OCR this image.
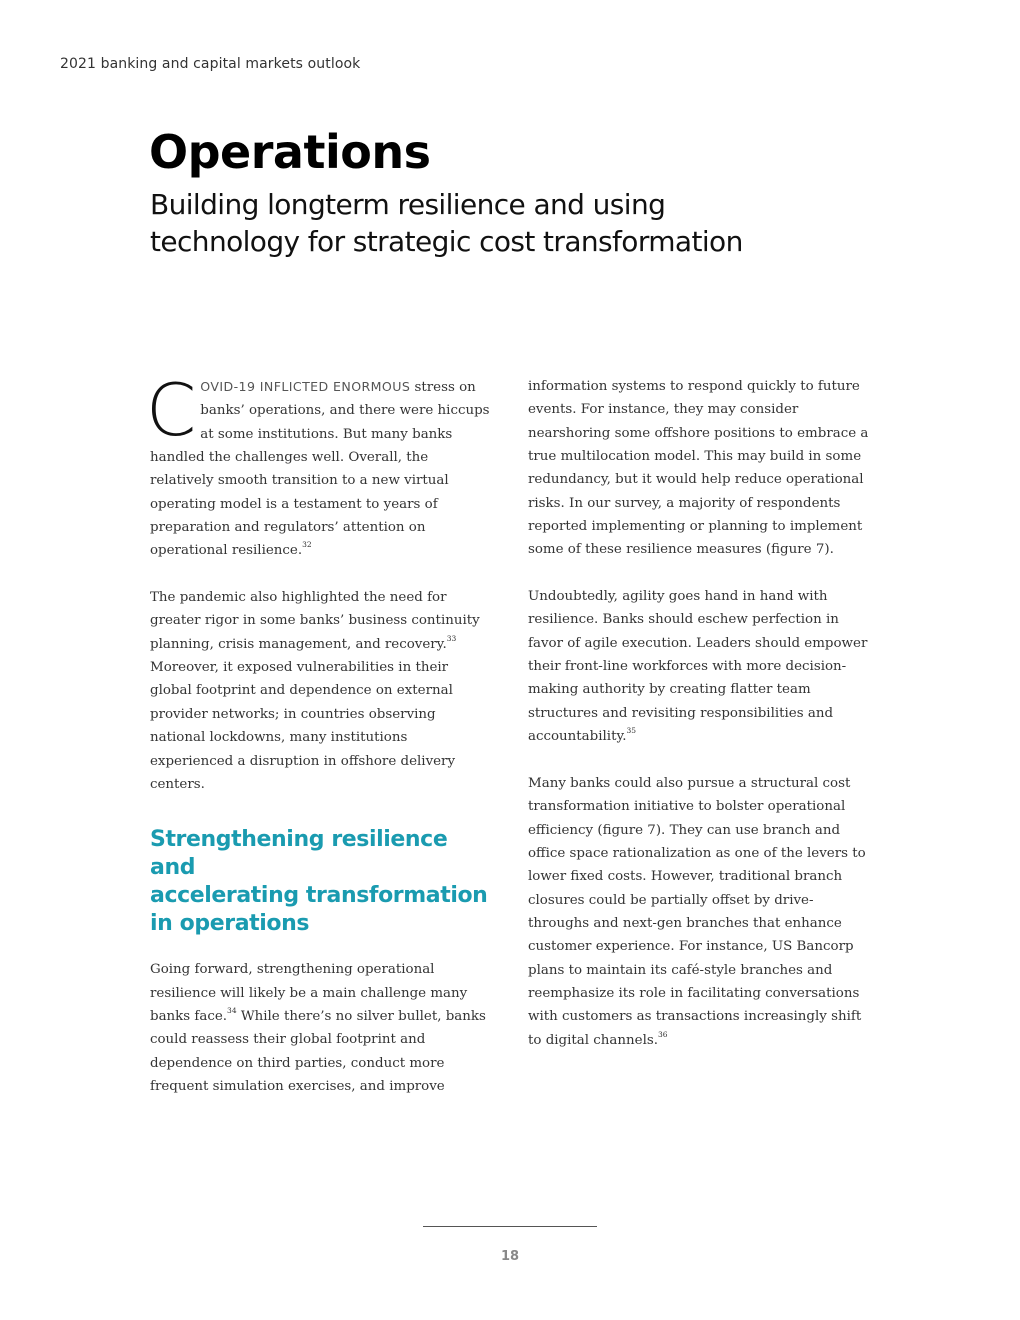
2021 banking and capital markets outlook
Operations
Building longterm resilience and using
technology for strategic cost transformation

COVID-19 INFLICTED ENORMOUS stress on banks’ operations, and there were hiccups at some institutions. But many banks handled the challenges well. Overall, the relatively smooth transition to a new virtual operating model is a testament to years of preparation and regulators’ attention on operational resilience.$^{32}$

The pandemic also highlighted the need for greater rigor in some banks’ business continuity planning, crisis management, and recovery.$^{33}$ Moreover, it exposed vulnerabilities in their global footprint and dependence on external provider networks; in countries observing national lockdowns, many institutions experienced a disruption in offshore delivery centers.

Strengthening resilience and
accelerating transformation
in operations

Going forward, strengthening operational resilience will likely be a main challenge many banks face.$^{34}$ While there’s no silver bullet, banks could reassess their global footprint and dependence on third parties, conduct more frequent simulation exercises, and improve

information systems to respond quickly to future events. For instance, they may consider nearshoring some offshore positions to embrace a true multilocation model. This may build in some redundancy, but it would help reduce operational risks. In our survey, a majority of respondents reported implementing or planning to implement some of these resilience measures (figure 7).

Undoubtedly, agility goes hand in hand with resilience. Banks should eschew perfection in favor of agile execution. Leaders should empower their front-line workforces with more decision-making authority by creating flatter team structures and revisiting responsibilities and accountability.$^{35}$

Many banks could also pursue a structural cost transformation initiative to bolster operational efficiency (figure 7). They can use branch and office space rationalization as one of the levers to lower fixed costs. However, traditional branch closures could be partially offset by drive-throughs and next-gen branches that enhance customer experience. For instance, US Bancorp plans to maintain its café-style branches and reemphasize its role in facilitating conversations with customers as transactions increasingly shift to digital channels.$^{36}$

18
